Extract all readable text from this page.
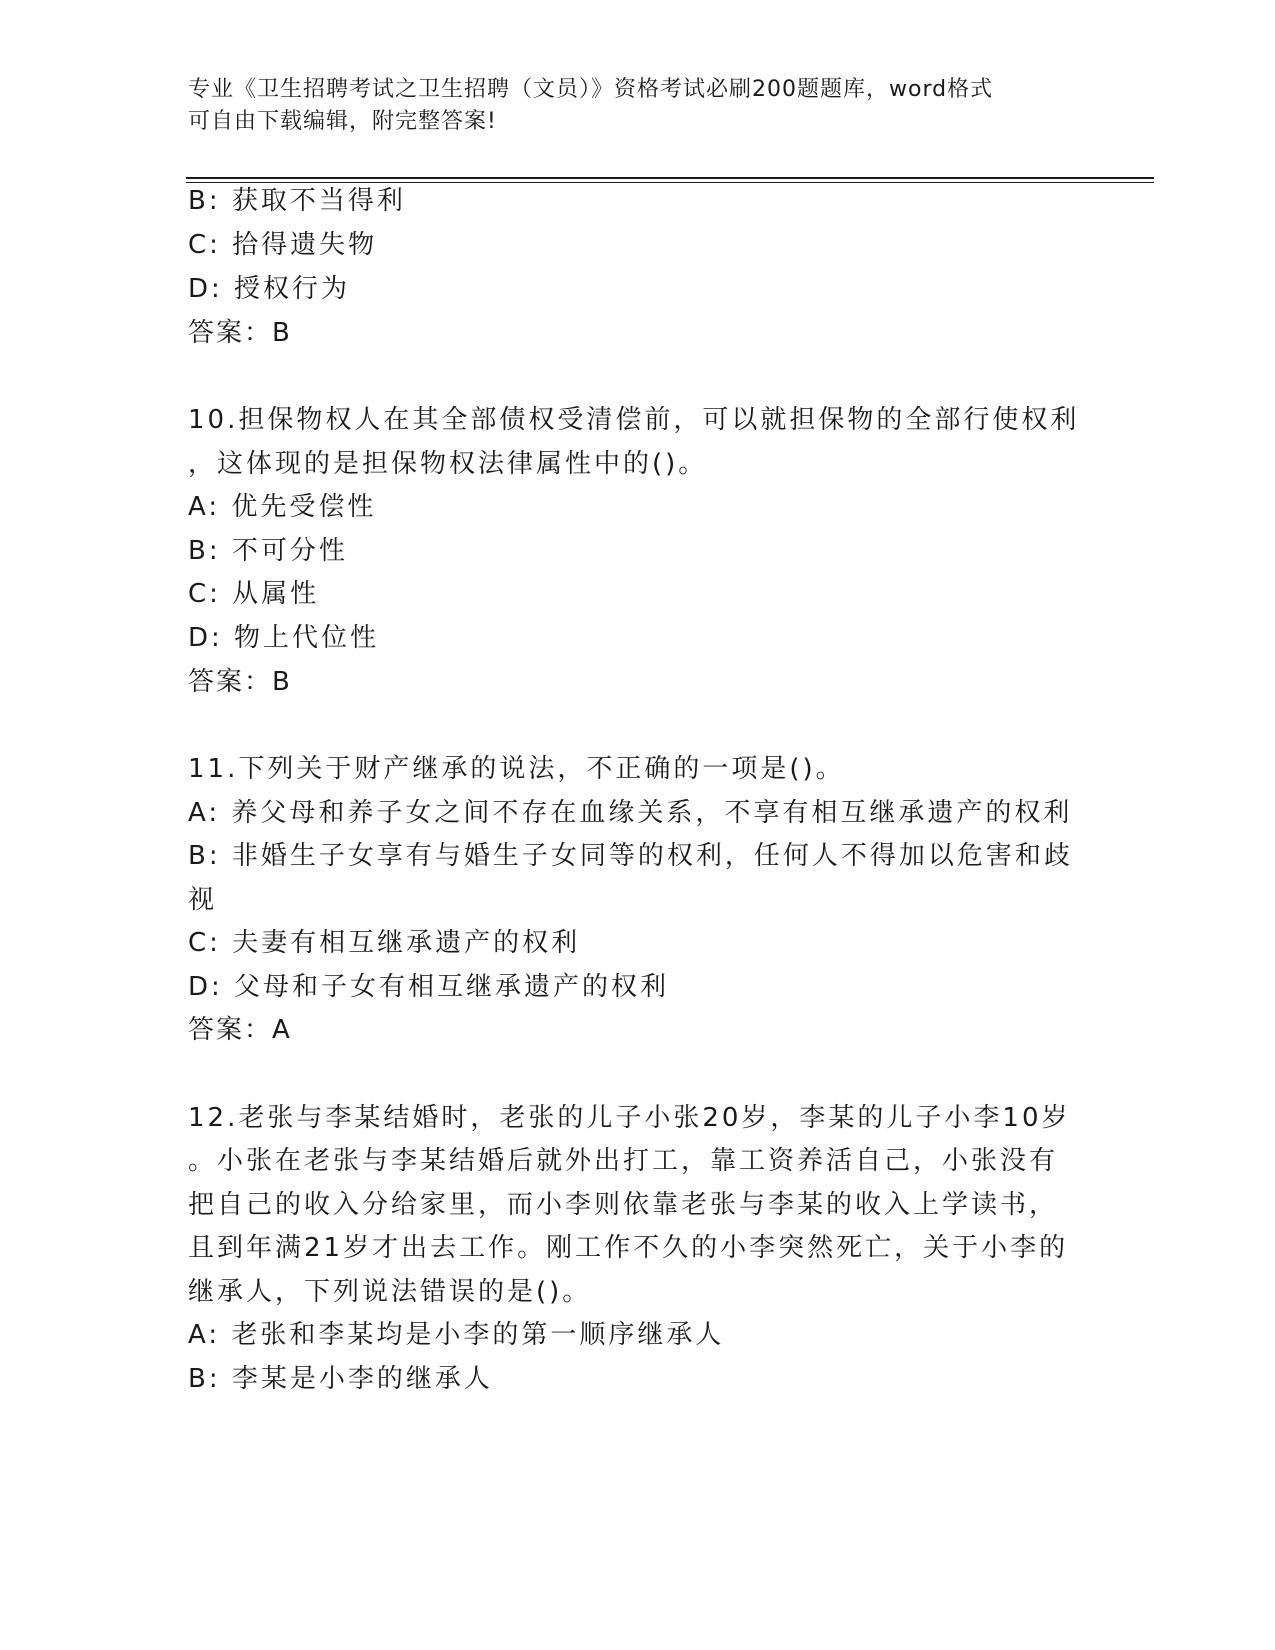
专业《卫生招聘考试之卫生招聘（文员）》资格考试必刷200题题库，word格式
可自由下载编辑，附完整答案!
B: 获取不当得利
C: 拾得遗失物
D: 授权行为
答案：B
10.担保物权人在其全部债权受清偿前，可以就担保物的全部行使权利
，这体现的是担保物权法律属性中的()。
A: 优先受偿性
B: 不可分性
C: 从属性
D: 物上代位性
答案：B
11.下列关于财产继承的说法，不正确的一项是()。
A: 养父母和养子女之间不存在血缘关系，不享有相互继承遗产的权利
B: 非婚生子女享有与婚生子女同等的权利，任何人不得加以危害和歧
视
C: 夫妻有相互继承遗产的权利
D: 父母和子女有相互继承遗产的权利
答案：A
12.老张与李某结婚时，老张的儿子小张20岁，李某的儿子小李10岁
。小张在老张与李某结婚后就外出打工，靠工资养活自己，小张没有
把自己的收入分给家里，而小李则依靠老张与李某的收入上学读书，
且到年满21岁才出去工作。刚工作不久的小李突然死亡，关于小李的
继承人，下列说法错误的是()。
A: 老张和李某均是小李的第一顺序继承人
B: 李某是小李的继承人
